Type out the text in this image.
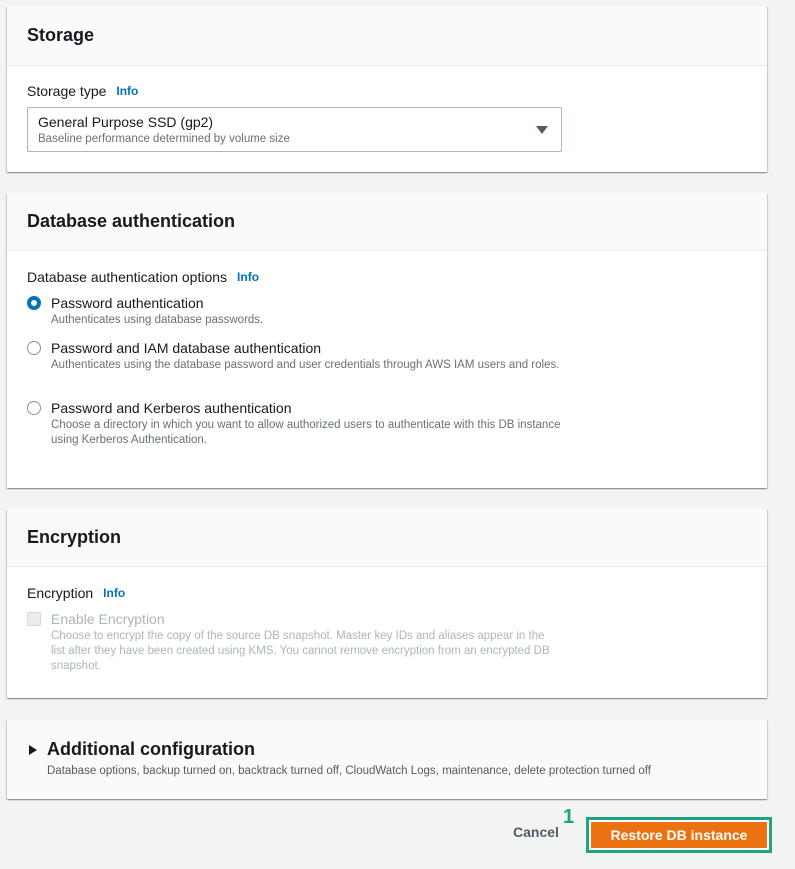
Storage
Storage type Info
General Purpose SSD (gp2)
Baseline performance determined by volume size
Database authentication
Database authentication options Info
Password authentication
Authenticates using database passwords.
Password and IAM database authentication
Authenticates using the database password and user credentials through AWS IAM users and roles.
Password and Kerberos authentication
Choose a directory in which you want to allow authorized users to authenticate with this DB instance using Kerberos Authentication.
Encryption
Encryption Info
Enable Encryption
Choose to encrypt the copy of the source DB snapshot. Master key IDs and aliases appear in the list after they have been created using KMS. You cannot remove encryption from an encrypted DB snapshot.
Additional configuration
Database options, backup turned on, backtrack turned off, CloudWatch Logs, maintenance, delete protection turned off
Cancel
1
Restore DB instance
